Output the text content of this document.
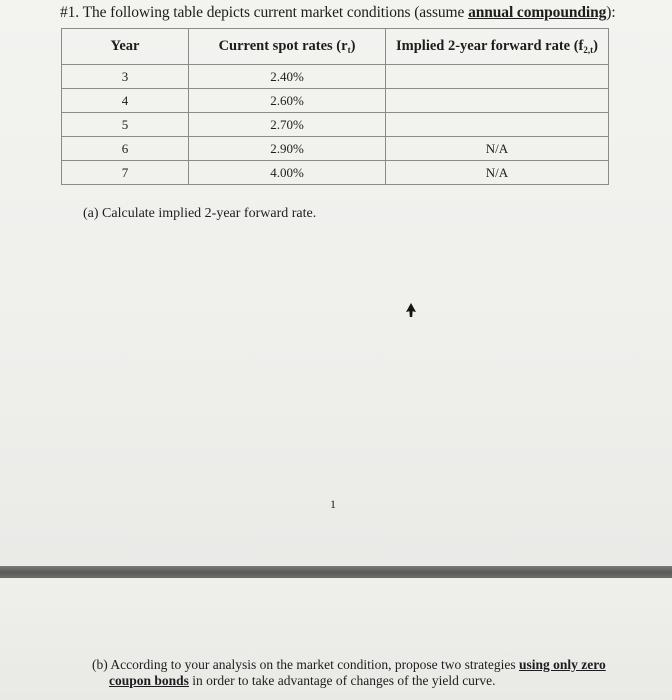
#1. The following table depicts current market conditions (assume annual compounding):
Year	Current spot rates $(r_t)$	Implied 2-year forward rate $(f_{2,t})$
3	2.40%	
4	2.60%	
5	2.70%	
6	2.90%	N/A
7	4.00%	N/A
(a) Calculate implied 2-year forward rate.
1
(b) According to your analysis on the market condition, propose two strategies using only zero
coupon bonds in order to take advantage of changes of the yield curve.
